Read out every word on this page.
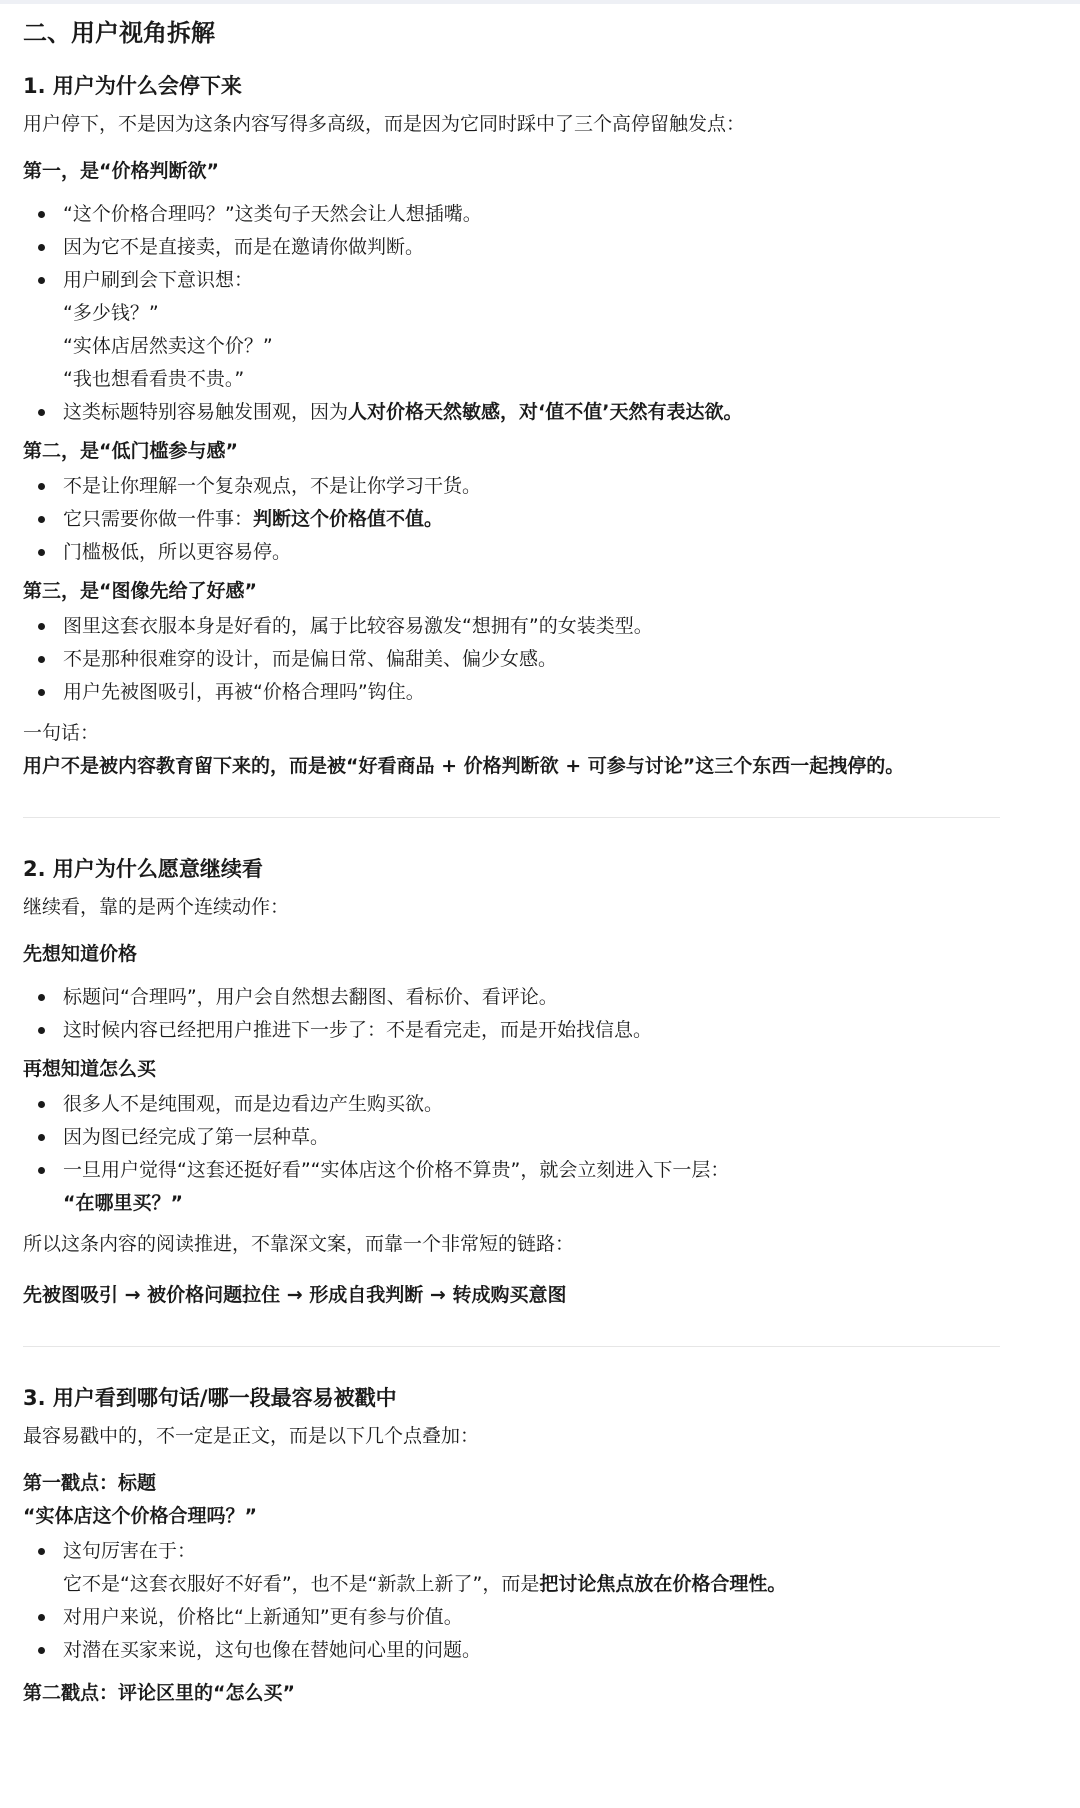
二、用户视角拆解
1. 用户为什么会停下来

用户停下，不是因为这条内容写得多高级，而是因为它同时踩中了三个高停留触发点：

第一，是“价格判断欲”
“这个价格合理吗？”这类句子天然会让人想插嘴。
因为它不是直接卖，而是在邀请你做判断。
用户刷到会下意识想：
“多少钱？”
“实体店居然卖这个价？”
“我也想看看贵不贵。”
这类标题特别容易触发围观，因为人对价格天然敏感，对‘值不值’天然有表达欲。
第二，是“低门槛参与感”
不是让你理解一个复杂观点，不是让你学习干货。
它只需要你做一件事：判断这个价格值不值。
门槛极低，所以更容易停。
第三，是“图像先给了好感”
图里这套衣服本身是好看的，属于比较容易激发“想拥有”的女装类型。
不是那种很难穿的设计，而是偏日常、偏甜美、偏少女感。
用户先被图吸引，再被“价格合理吗”钩住。

一句话：

用户不是被内容教育留下来的，而是被“好看商品 + 价格判断欲 + 可参与讨论”这三个东西一起拽停的。

2. 用户为什么愿意继续看

继续看，靠的是两个连续动作：

先想知道价格
标题问“合理吗”，用户会自然想去翻图、看标价、看评论。
这时候内容已经把用户推进下一步了：不是看完走，而是开始找信息。
再想知道怎么买
很多人不是纯围观，而是边看边产生购买欲。
因为图已经完成了第一层种草。
一旦用户觉得“这套还挺好看”“实体店这个价格不算贵”，就会立刻进入下一层：
“在哪里买？”

所以这条内容的阅读推进，不靠深文案，而靠一个非常短的链路：

先被图吸引 → 被价格问题拉住 → 形成自我判断 → 转成购买意图
3. 用户看到哪句话/哪一段最容易被戳中

最容易戳中的，不一定是正文，而是以下几个点叠加：

第一戳点：标题
“实体店这个价格合理吗？”
这句厉害在于：
它不是“这套衣服好不好看”，也不是“新款上新了”，而是把讨论焦点放在价格合理性。
对用户来说，价格比“上新通知”更有参与价值。
对潜在买家来说，这句也像在替她问心里的问题。
第二戳点：评论区里的“怎么买”
